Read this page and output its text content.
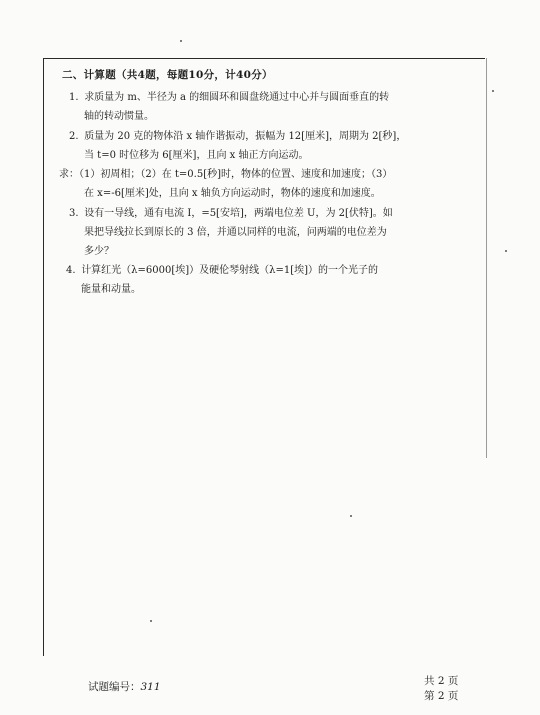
二、计算题（共4题，每题10分，计40分）
1. 求质量为 m、半径为 a 的细圆环和圆盘绕通过中心并与圆面垂直的转
轴的转动惯量。
2. 质量为 20 克的物体沿 x 轴作谐振动，振幅为 12[厘米]，周期为 2[秒]，
当 t=0 时位移为 6[厘米]，且向 x 轴正方向运动。
求：（1）初周相；（2）在 t=0.5[秒]时，物体的位置、速度和加速度；（3）
在 x=-6[厘米]处，且向 x 轴负方向运动时，物体的速度和加速度。
3. 设有一导线，通有电流 I，=5[安培]，两端电位差 U，为 2[伏特]。如
果把导线拉长到原长的 3 倍，并通以同样的电流，问两端的电位差为
多少？
4. 计算红光（λ=6000[埃]）及硬伦琴射线（λ=1[埃]）的一个光子的
能量和动量。
试题编号：311	共 2 页
第 2 页
